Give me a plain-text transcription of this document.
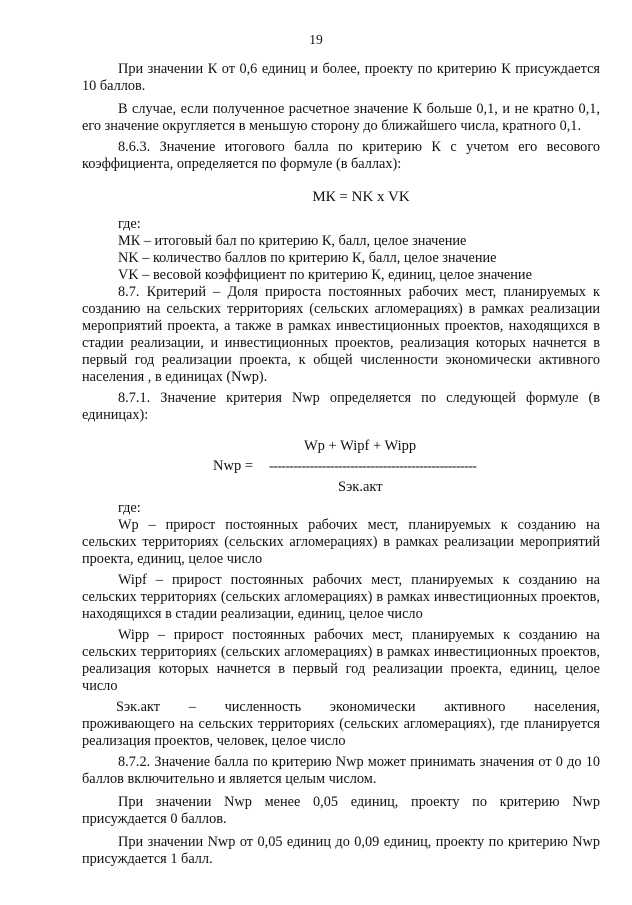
19

При значении К от 0,6 единиц и более, проекту по критерию К присуждается 10 баллов.

В случае, если полученное расчетное значение К больше 0,1, и не кратно 0,1, его значение округляется в меньшую сторону до ближайшего числа, кратного 0,1.

8.6.3. Значение итогового балла по критерию К с учетом его весового коэффициента, определяется по формуле (в баллах):

МК = NK x VK

где:

МК – итоговый бал по критерию К, балл, целое значение

NK – количество баллов по критерию К, балл, целое значение

VK – весовой коэффициент по критерию К, единиц, целое значение

8.7. Критерий – Доля прироста постоянных рабочих мест, планируемых к созданию на сельских территориях (сельских агломерациях) в рамках реализации мероприятий проекта, а также в рамках инвестиционных проектов, находящихся в стадии реализации, и инвестиционных проектов, реализация которых начнется в первый год реализации проекта, к общей численности экономически активного населения , в единицах (Nwp).

8.7.1. Значение критерия Nwp определяется по следующей формуле (в единицах):

Wp + Wipf + Wipp
Nwp = ---------------------------------------------------
Sэк.акт

где:

Wp – прирост постоянных рабочих мест, планируемых к созданию на сельских территориях (сельских агломерациях) в рамках реализации мероприятий проекта, единиц, целое число

Wipf – прирост постоянных рабочих мест, планируемых к созданию на сельских территориях (сельских агломерациях) в рамках инвестиционных проектов, находящихся в стадии реализации, единиц, целое число

Wipp – прирост постоянных рабочих мест, планируемых к созданию на сельских территориях (сельских агломерациях) в рамках инвестиционных проектов, реализация которых начнется в первый год реализации проекта, единиц, целое число

Sэк.акт – численность экономически активного населения,

проживающего на сельских территориях (сельских агломерациях), где планируется реализация проектов, человек, целое число

8.7.2. Значение балла по критерию Nwp может принимать значения от 0 до 10 баллов включительно и является целым числом.

При значении Nwp менее 0,05 единиц, проекту по критерию Nwp присуждается 0 баллов.

При значении Nwp от 0,05 единиц до 0,09 единиц, проекту по критерию Nwp присуждается 1 балл.
